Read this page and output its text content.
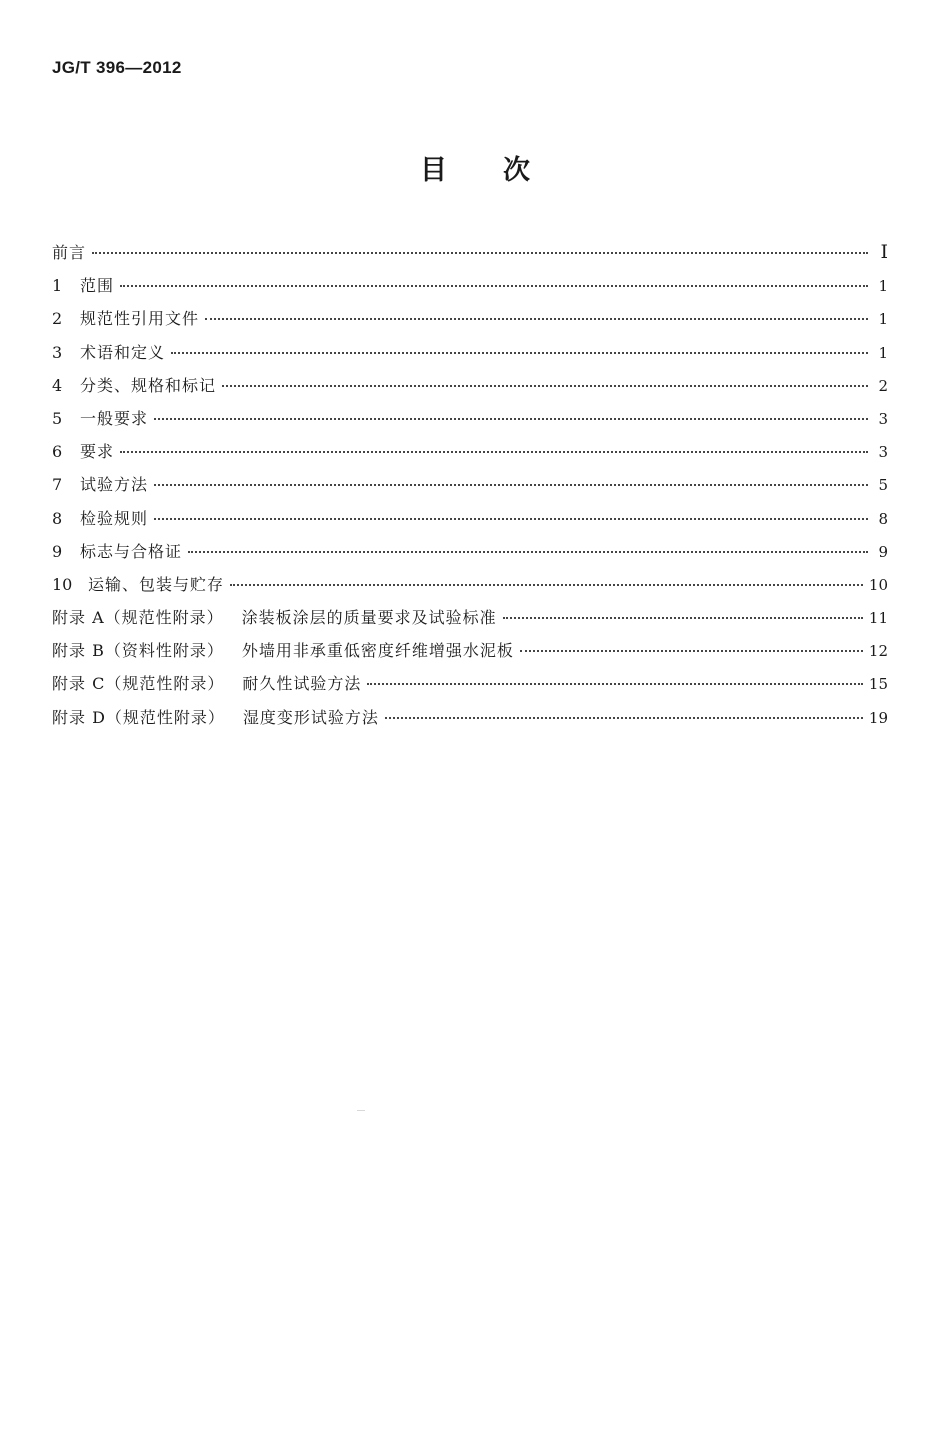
JG/T 396—2012
目次
前言	I
1	范围	1
2	规范性引用文件	1
3	术语和定义	1
4	分类、规格和标记	2
5	一般要求	3
6	要求	3
7	试验方法	5
8	检验规则	8
9	标志与合格证	9
10 运输、包装与贮存	10
附录 A（规范性附录） 涂装板涂层的质量要求及试验标准	11
附录 B（资料性附录） 外墙用非承重低密度纤维增强水泥板	12
附录 C（规范性附录） 耐久性试验方法	15
附录 D（规范性附录） 湿度变形试验方法	19
